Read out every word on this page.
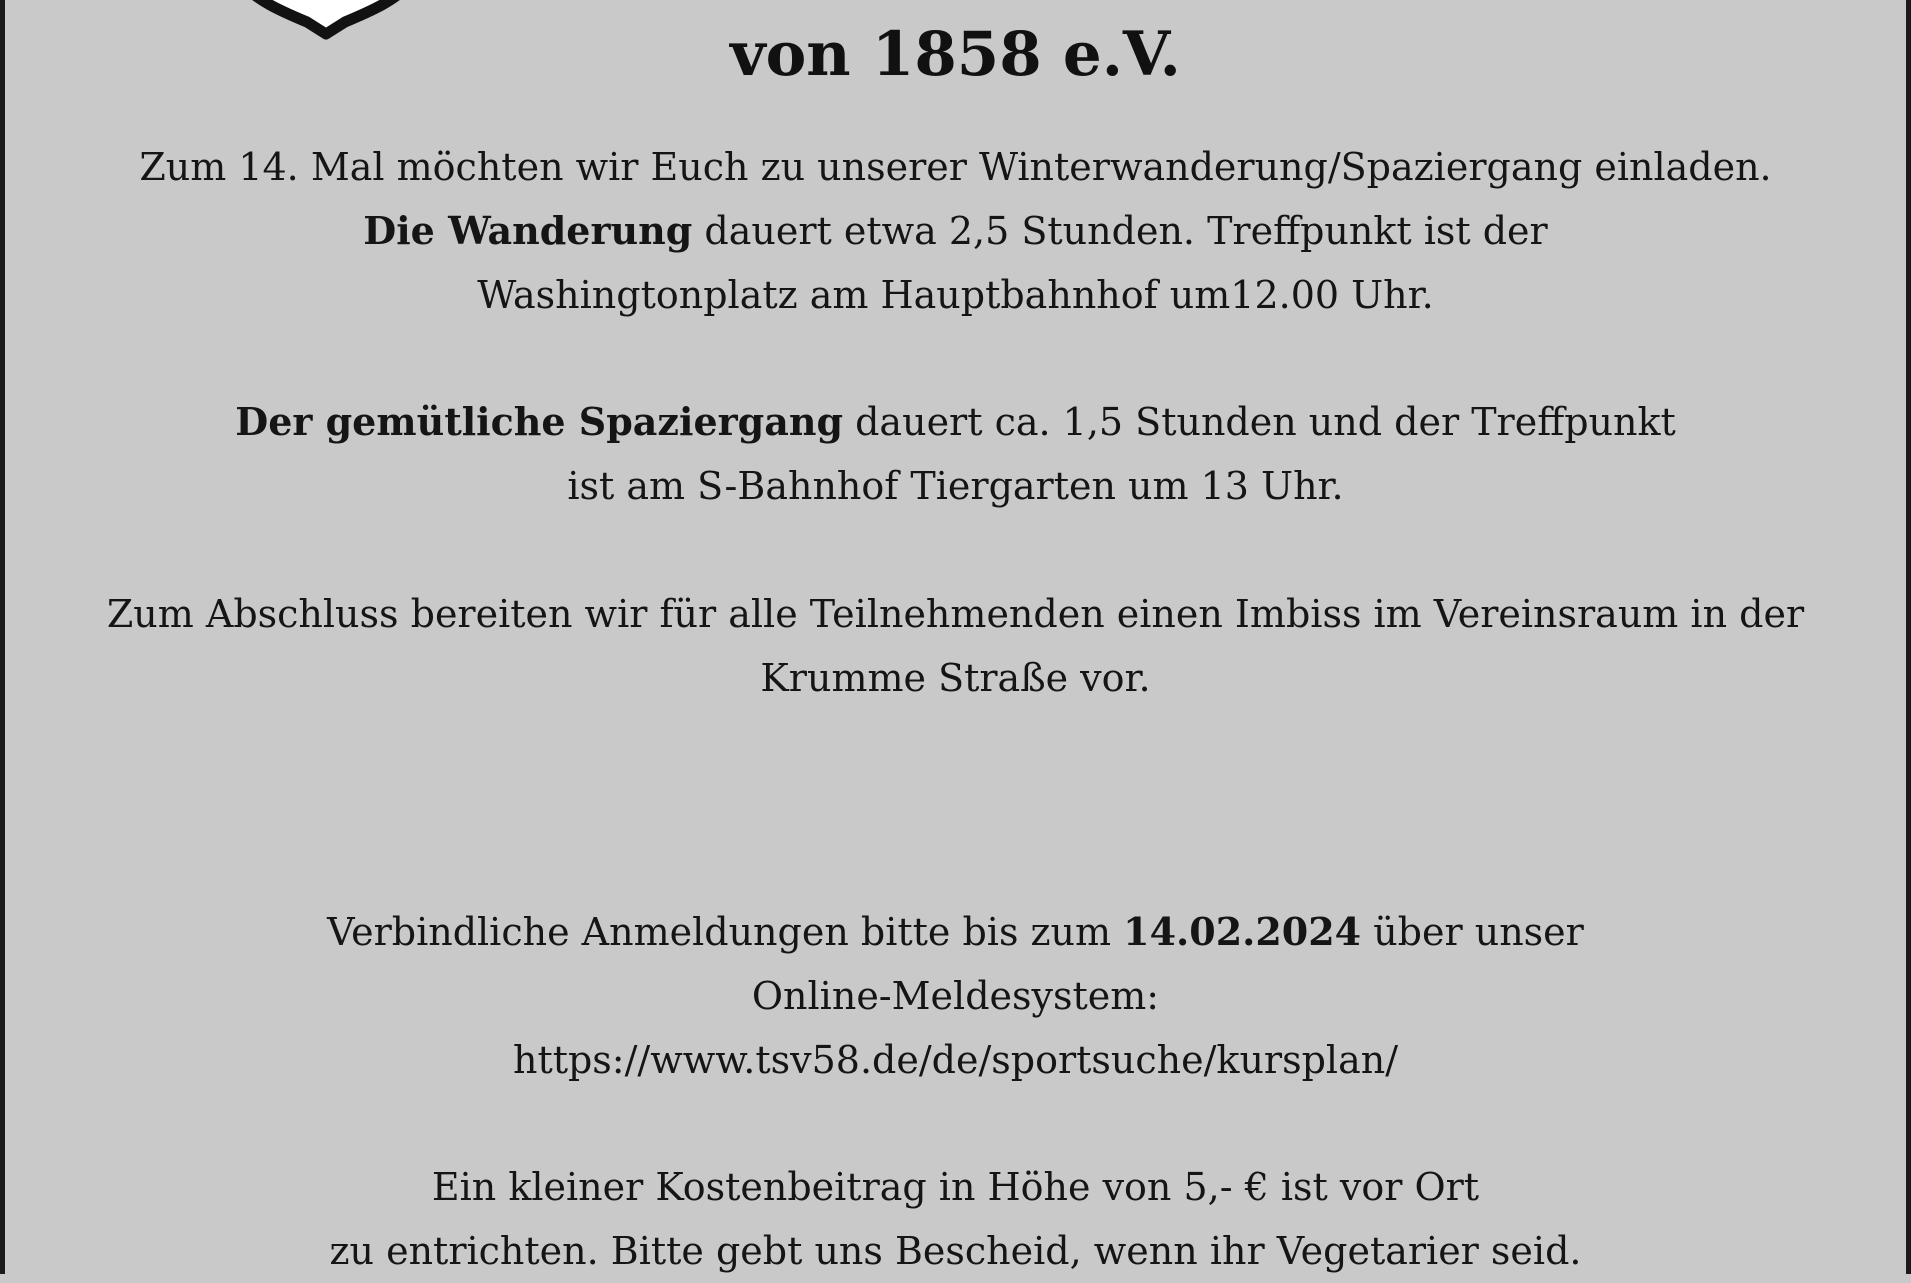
von 1858 e.V.
Zum 14. Mal möchten wir Euch zu unserer Winterwanderung/Spaziergang einladen.
Die Wanderung dauert etwa 2,5 Stunden. Treffpunkt ist der
Washingtonplatz am Hauptbahnhof um12.00 Uhr.
Der gemütliche Spaziergang dauert ca. 1,5 Stunden und der Treffpunkt
ist am S-Bahnhof Tiergarten um 13 Uhr.
Zum Abschluss bereiten wir für alle Teilnehmenden einen Imbiss im Vereinsraum in der
Krumme Straße vor.
Verbindliche Anmeldungen bitte bis zum 14.02.2024 über unser
Online-Meldesystem:
https://www.tsv58.de/de/sportsuche/kursplan/
Ein kleiner Kostenbeitrag in Höhe von 5,- € ist vor Ort
zu entrichten. Bitte gebt uns Bescheid, wenn ihr Vegetarier seid.
